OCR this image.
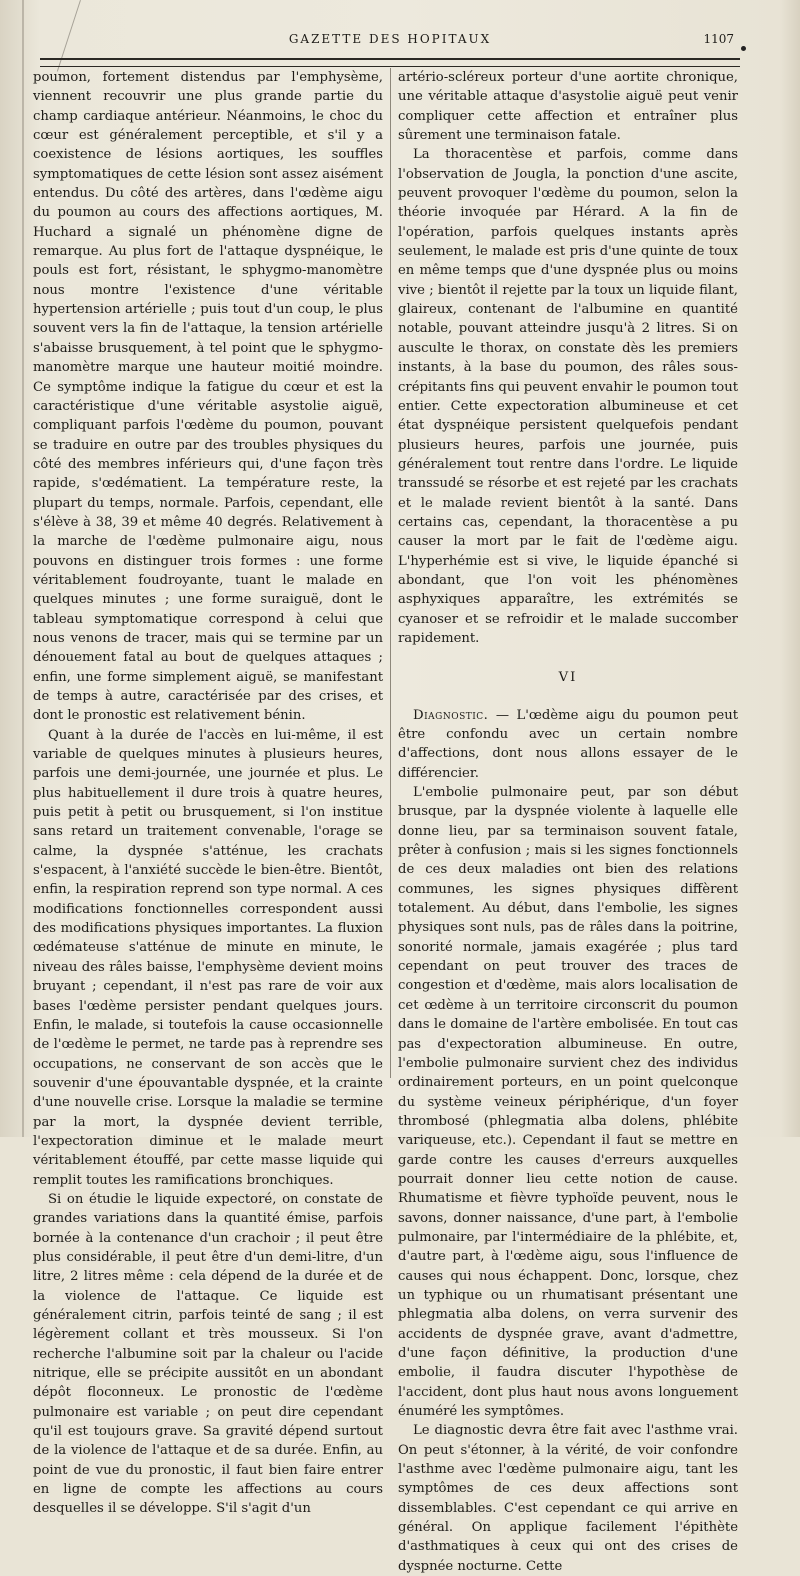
GAZETTE DES HOPITAUX	1107

poumon, fortement distendus par l'emphysème, viennent recouvrir une plus grande partie du champ cardiaque antérieur. Néanmoins, le choc du cœur est généralement perceptible, et s'il y a coexistence de lésions aortiques, les souffles symptomatiques de cette lésion sont assez aisément entendus. Du côté des artères, dans l'œdème aigu du poumon au cours des affections aortiques, M. Huchard a signalé un phénomène digne de remarque. Au plus fort de l'attaque dyspnéique, le pouls est fort, résistant, le sphygmo-manomètre nous montre l'existence d'une véritable hypertension artérielle ; puis tout d'un coup, le plus souvent vers la fin de l'attaque, la tension artérielle s'abaisse brusquement, à tel point que le sphygmo-manomètre marque une hauteur moitié moindre. Ce symptôme indique la fatigue du cœur et est la caractéristique d'une véritable asystolie aiguë, compliquant parfois l'œdème du poumon, pouvant se traduire en outre par des troubles physiques du côté des membres inférieurs qui, d'une façon très rapide, s'œdématient. La température reste, la plupart du temps, normale. Parfois, cependant, elle s'élève à 38, 39 et même 40 degrés. Relativement à la marche de l'œdème pulmonaire aigu, nous pouvons en distinguer trois formes : une forme véritablement foudroyante, tuant le malade en quelques minutes ; une forme suraiguë, dont le tableau symptomatique correspond à celui que nous venons de tracer, mais qui se termine par un dénouement fatal au bout de quelques attaques ; enfin, une forme simplement aiguë, se manifestant de temps à autre, caractérisée par des crises, et dont le pronostic est relativement bénin.

Quant à la durée de l'accès en lui-même, il est variable de quelques minutes à plusieurs heures, parfois une demi-journée, une journée et plus. Le plus habituellement il dure trois à quatre heures, puis petit à petit ou brusquement, si l'on institue sans retard un traitement convenable, l'orage se calme, la dyspnée s'atténue, les crachats s'espacent, à l'anxiété succède le bien-être. Bientôt, enfin, la respiration reprend son type normal. A ces modifications fonctionnelles correspondent aussi des modifications physiques importantes. La fluxion œdémateuse s'atténue de minute en minute, le niveau des râles baisse, l'emphysème devient moins bruyant ; cependant, il n'est pas rare de voir aux bases l'œdème persister pendant quelques jours. Enfin, le malade, si toutefois la cause occasionnelle de l'œdème le permet, ne tarde pas à reprendre ses occupations, ne conservant de son accès que le souvenir d'une épouvantable dyspnée, et la crainte d'une nouvelle crise. Lorsque la maladie se termine par la mort, la dyspnée devient terrible, l'expectoration diminue et le malade meurt véritablement étouffé, par cette masse liquide qui remplit toutes les ramifications bronchiques.

Si on étudie le liquide expectoré, on constate de grandes variations dans la quantité émise, parfois bornée à la contenance d'un crachoir ; il peut être plus considérable, il peut être d'un demi-litre, d'un litre, 2 litres même : cela dépend de la durée et de la violence de l'attaque. Ce liquide est généralement citrin, parfois teinté de sang ; il est légèrement collant et très mousseux. Si l'on recherche l'albumine soit par la chaleur ou l'acide nitrique, elle se précipite aussitôt en un abondant dépôt floconneux. Le pronostic de l'œdème pulmonaire est variable ; on peut dire cependant qu'il est toujours grave. Sa gravité dépend surtout de la violence de l'attaque et de sa durée. Enfin, au point de vue du pronostic, il faut bien faire entrer en ligne de compte les affections au cours desquelles il se développe. S'il s'agit d'un

artério-scléreux porteur d'une aortite chronique, une véritable attaque d'asystolie aiguë peut venir compliquer cette affection et entraîner plus sûrement une terminaison fatale.

La thoracentèse et parfois, comme dans l'observation de Jougla, la ponction d'une ascite, peuvent provoquer l'œdème du poumon, selon la théorie invoquée par Hérard. A la fin de l'opération, parfois quelques instants après seulement, le malade est pris d'une quinte de toux en même temps que d'une dyspnée plus ou moins vive ; bientôt il rejette par la toux un liquide filant, glaireux, contenant de l'albumine en quantité notable, pouvant atteindre jusqu'à 2 litres. Si on ausculte le thorax, on constate dès les premiers instants, à la base du poumon, des râles sous-crépitants fins qui peuvent envahir le poumon tout entier. Cette expectoration albumineuse et cet état dyspnéique persistent quelquefois pendant plusieurs heures, parfois une journée, puis généralement tout rentre dans l'ordre. Le liquide transsudé se résorbe et est rejeté par les crachats et le malade revient bientôt à la santé. Dans certains cas, cependant, la thoracentèse a pu causer la mort par le fait de l'œdème aigu. L'hyperhémie est si vive, le liquide épanché si abondant, que l'on voit les phénomènes asphyxiques apparaître, les extrémités se cyanoser et se refroidir et le malade succomber rapidement.

VI

Diagnostic. — L'œdème aigu du poumon peut être confondu avec un certain nombre d'affections, dont nous allons essayer de le différencier.

L'embolie pulmonaire peut, par son début brusque, par la dyspnée violente à laquelle elle donne lieu, par sa terminaison souvent fatale, prêter à confusion ; mais si les signes fonctionnels de ces deux maladies ont bien des relations communes, les signes physiques diffèrent totalement. Au début, dans l'embolie, les signes physiques sont nuls, pas de râles dans la poitrine, sonorité normale, jamais exagérée ; plus tard cependant on peut trouver des traces de congestion et d'œdème, mais alors localisation de cet œdème à un territoire circonscrit du poumon dans le domaine de l'artère embolisée. En tout cas pas d'expectoration albumineuse. En outre, l'embolie pulmonaire survient chez des individus ordinairement porteurs, en un point quelconque du système veineux périphérique, d'un foyer thrombosé (phlegmatia alba dolens, phlébite variqueuse, etc.). Cependant il faut se mettre en garde contre les causes d'erreurs auxquelles pourrait donner lieu cette notion de cause. Rhumatisme et fièvre typhoïde peuvent, nous le savons, donner naissance, d'une part, à l'embolie pulmonaire, par l'intermédiaire de la phlébite, et, d'autre part, à l'œdème aigu, sous l'influence de causes qui nous échappent. Donc, lorsque, chez un typhique ou un rhumatisant présentant une phlegmatia alba dolens, on verra survenir des accidents de dyspnée grave, avant d'admettre, d'une façon définitive, la production d'une embolie, il faudra discuter l'hypothèse de l'accident, dont plus haut nous avons longuement énuméré les symptômes.

Le diagnostic devra être fait avec l'asthme vrai. On peut s'étonner, à la vérité, de voir confondre l'asthme avec l'œdème pulmonaire aigu, tant les symptômes de ces deux affections sont dissemblables. C'est cependant ce qui arrive en général. On applique facilement l'épithète d'asthmatiques à ceux qui ont des crises de dyspnée nocturne. Cette
